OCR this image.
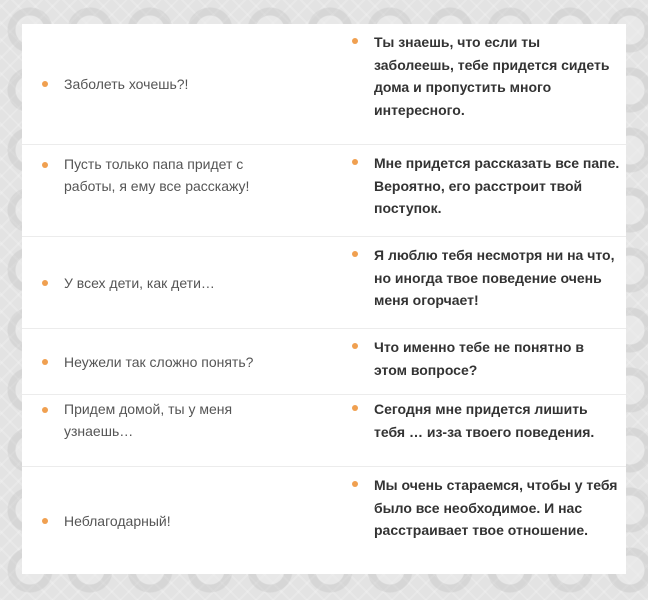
Заболеть хочешь?!
Ты знаешь, что если ты заболеешь, тебе придется сидеть дома и пропустить много интересного.
Пусть только папа придет с работы, я ему все расскажу!
Мне придется рассказать все папе. Вероятно, его расстроит твой поступок.
У всех дети, как дети…
Я люблю тебя несмотря ни на что, но иногда твое поведение очень меня огорчает!
Неужели так сложно понять?
Что именно тебе не понятно в этом вопросе?
Придем домой, ты у меня узнаешь…
Сегодня мне придется лишить тебя … из-за твоего поведения.
Неблагодарный!
Мы очень стараемся, чтобы у тебя было все необходимое. И нас расстраивает твое отношение.
